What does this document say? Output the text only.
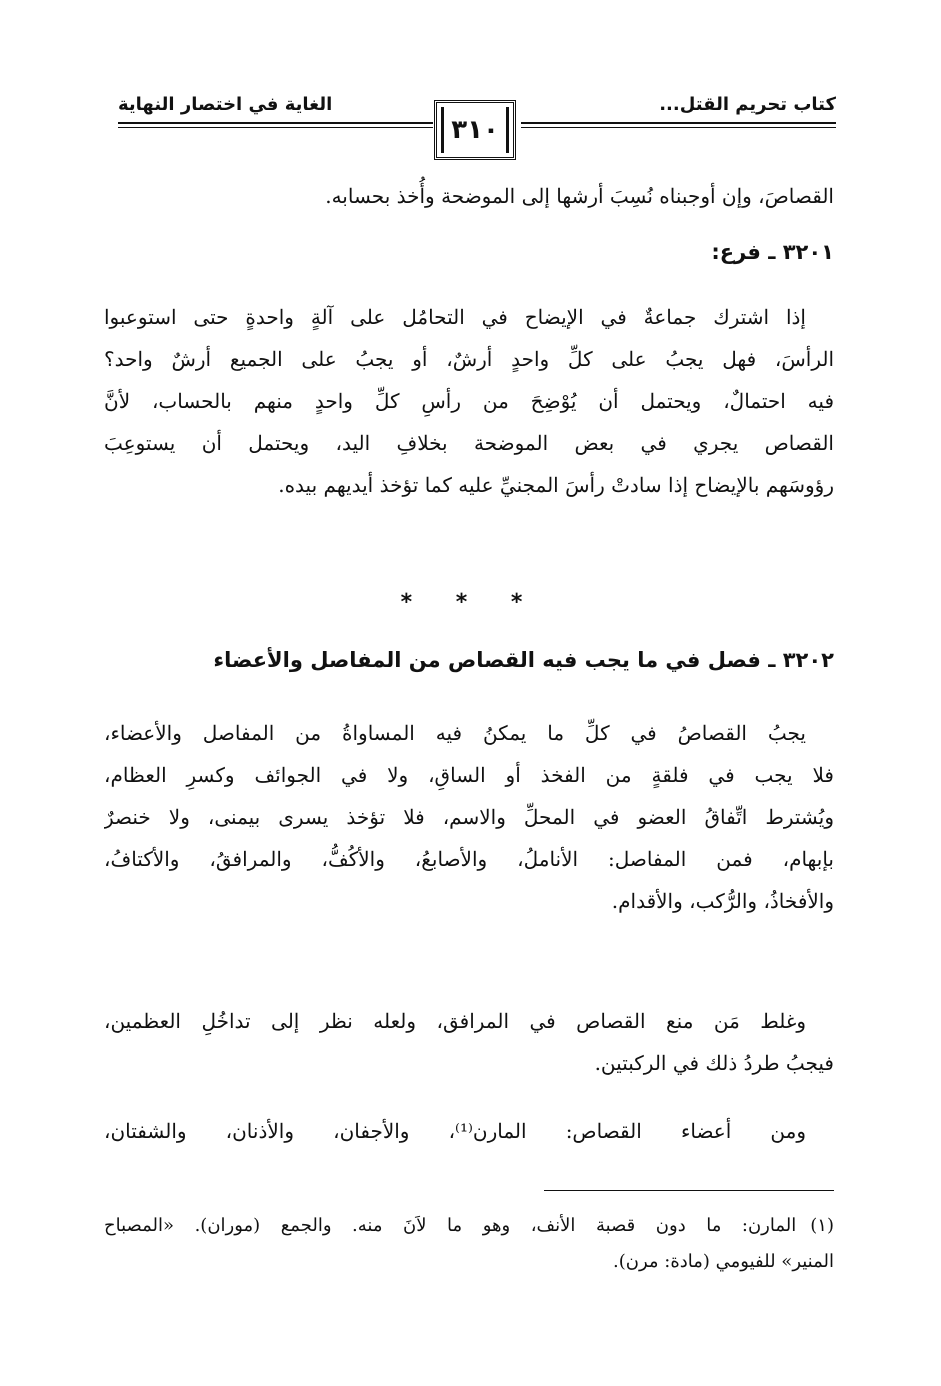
كتاب تحريم القتل...
الغاية في اختصار النهاية
٣١٠
القصاصَ، وإن أوجبناه نُسِبَ أرشها إلى الموضحة وأُخذ بحسابه.
٣٢٠١ ـ فرع:
إذا اشترك جماعةٌ في الإيضاح في التحامُل على آلةٍ واحدةٍ حتى استوعبوا
الرأسَ، فهل يجبُ على كلِّ واحدٍ أرشٌ، أو يجبُ على الجميع أرشٌ واحد؟
فيه احتمالٌ، ويحتمل أن يُوْضِحَ من رأسِ كلِّ واحدٍ منهم بالحساب، لأنَّ
القصاص يجري في بعض الموضحة بخلافِ اليد، ويحتمل أن يستوعِبَ
رؤوسَهم بالإيضاح إذا سادتْ رأسَ المجنيِّ عليه كما تؤخذ أيديهم بيده.
* * *
٣٢٠٢ ـ فصل في ما يجب فيه القصاص من المفاصل والأعضاء
يجبُ القصاصُ في كلِّ ما يمكنُ فيه المساواةُ من المفاصل والأعضاء،
فلا يجب في فلقةٍ من الفخذ أو الساقِ، ولا في الجوائف وكسرِ العظام،
ويُشترط اتِّفاقُ العضو في المحلِّ والاسم، فلا تؤخذ يسرى بيمنى، ولا خنصرٌ
بإبهام، فمن المفاصل: الأناملُ، والأصابعُ، والأكُفُّ، والمرافقُ، والأكتافُ،
والأفخاذُ، والرُّكب، والأقدام.
وغلط مَن منع القصاص في المرافق، ولعله نظر إلى تداخُلِ العظمين،
فيجبُ طردُ ذلك في الركبتين.
ومن أعضاء القصاص: المارن⁽¹⁾، والأجفان، والأذنان، والشفتان،
(١)المارن: ما دون قصبة الأنف، وهو ما لاَنَ منه. والجمع (موران). «المصباح
المنير» للفيومي (مادة: مرن).
